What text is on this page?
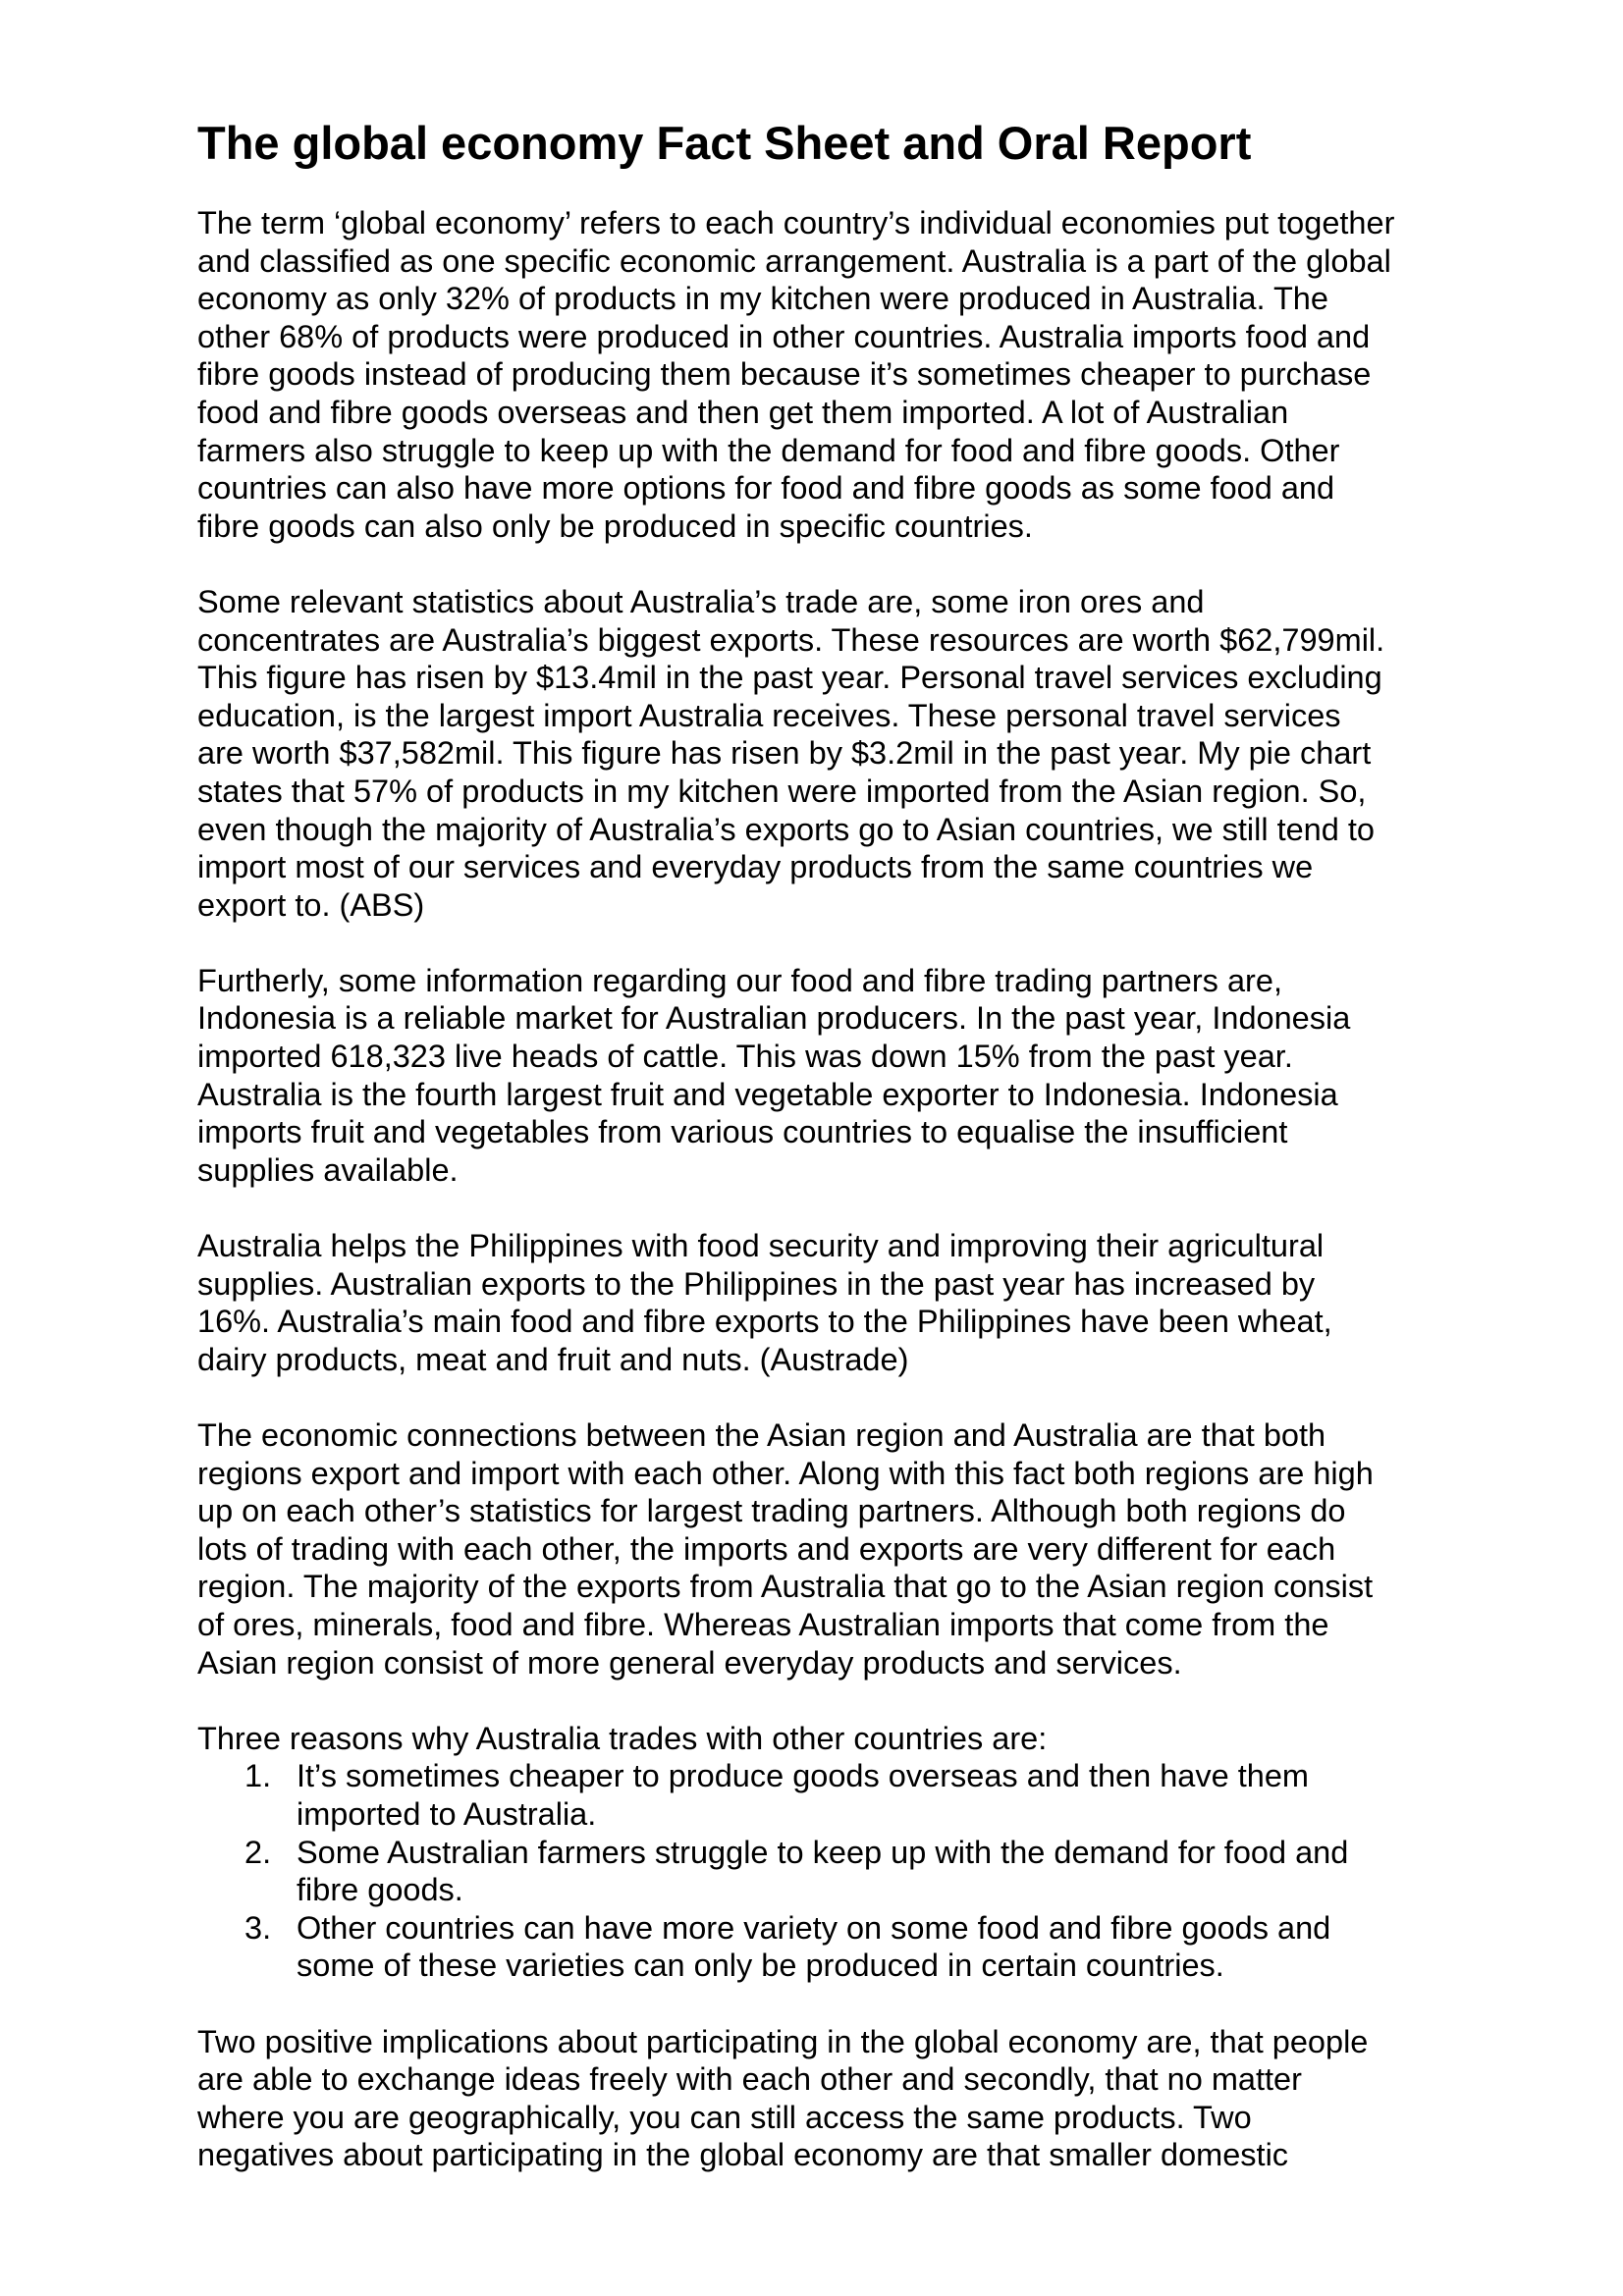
The global economy Fact Sheet and Oral Report

The term ‘global economy’ refers to each country’s individual economies put together
and classified as one specific economic arrangement. Australia is a part of the global
economy as only 32% of products in my kitchen were produced in Australia. The
other 68% of products were produced in other countries. Australia imports food and
fibre goods instead of producing them because it’s sometimes cheaper to purchase
food and fibre goods overseas and then get them imported. A lot of Australian
farmers also struggle to keep up with the demand for food and fibre goods. Other
countries can also have more options for food and fibre goods as some food and
fibre goods can also only be produced in specific countries.

Some relevant statistics about Australia’s trade are, some iron ores and
concentrates are Australia’s biggest exports. These resources are worth $62,799mil.
This figure has risen by $13.4mil in the past year. Personal travel services excluding
education, is the largest import Australia receives. These personal travel services
are worth $37,582mil. This figure has risen by $3.2mil in the past year. My pie chart
states that 57% of products in my kitchen were imported from the Asian region. So,
even though the majority of Australia’s exports go to Asian countries, we still tend to
import most of our services and everyday products from the same countries we
export to. (ABS)

Furtherly, some information regarding our food and fibre trading partners are,
Indonesia is a reliable market for Australian producers. In the past year, Indonesia
imported 618,323 live heads of cattle. This was down 15% from the past year.
Australia is the fourth largest fruit and vegetable exporter to Indonesia. Indonesia
imports fruit and vegetables from various countries to equalise the insufficient
supplies available.

Australia helps the Philippines with food security and improving their agricultural
supplies. Australian exports to the Philippines in the past year has increased by
16%. Australia’s main food and fibre exports to the Philippines have been wheat,
dairy products, meat and fruit and nuts. (Austrade)

The economic connections between the Asian region and Australia are that both
regions export and import with each other. Along with this fact both regions are high
up on each other’s statistics for largest trading partners. Although both regions do
lots of trading with each other, the imports and exports are very different for each
region. The majority of the exports from Australia that go to the Asian region consist
of ores, minerals, food and fibre. Whereas Australian imports that come from the
Asian region consist of more general everyday products and services.

Three reasons why Australia trades with other countries are:

1. It’s sometimes cheaper to produce goods overseas and then have them
imported to Australia.
2. Some Australian farmers struggle to keep up with the demand for food and
fibre goods.
3. Other countries can have more variety on some food and fibre goods and
some of these varieties can only be produced in certain countries.

Two positive implications about participating in the global economy are, that people
are able to exchange ideas freely with each other and secondly, that no matter
where you are geographically, you can still access the same products. Two
negatives about participating in the global economy are that smaller domestic
